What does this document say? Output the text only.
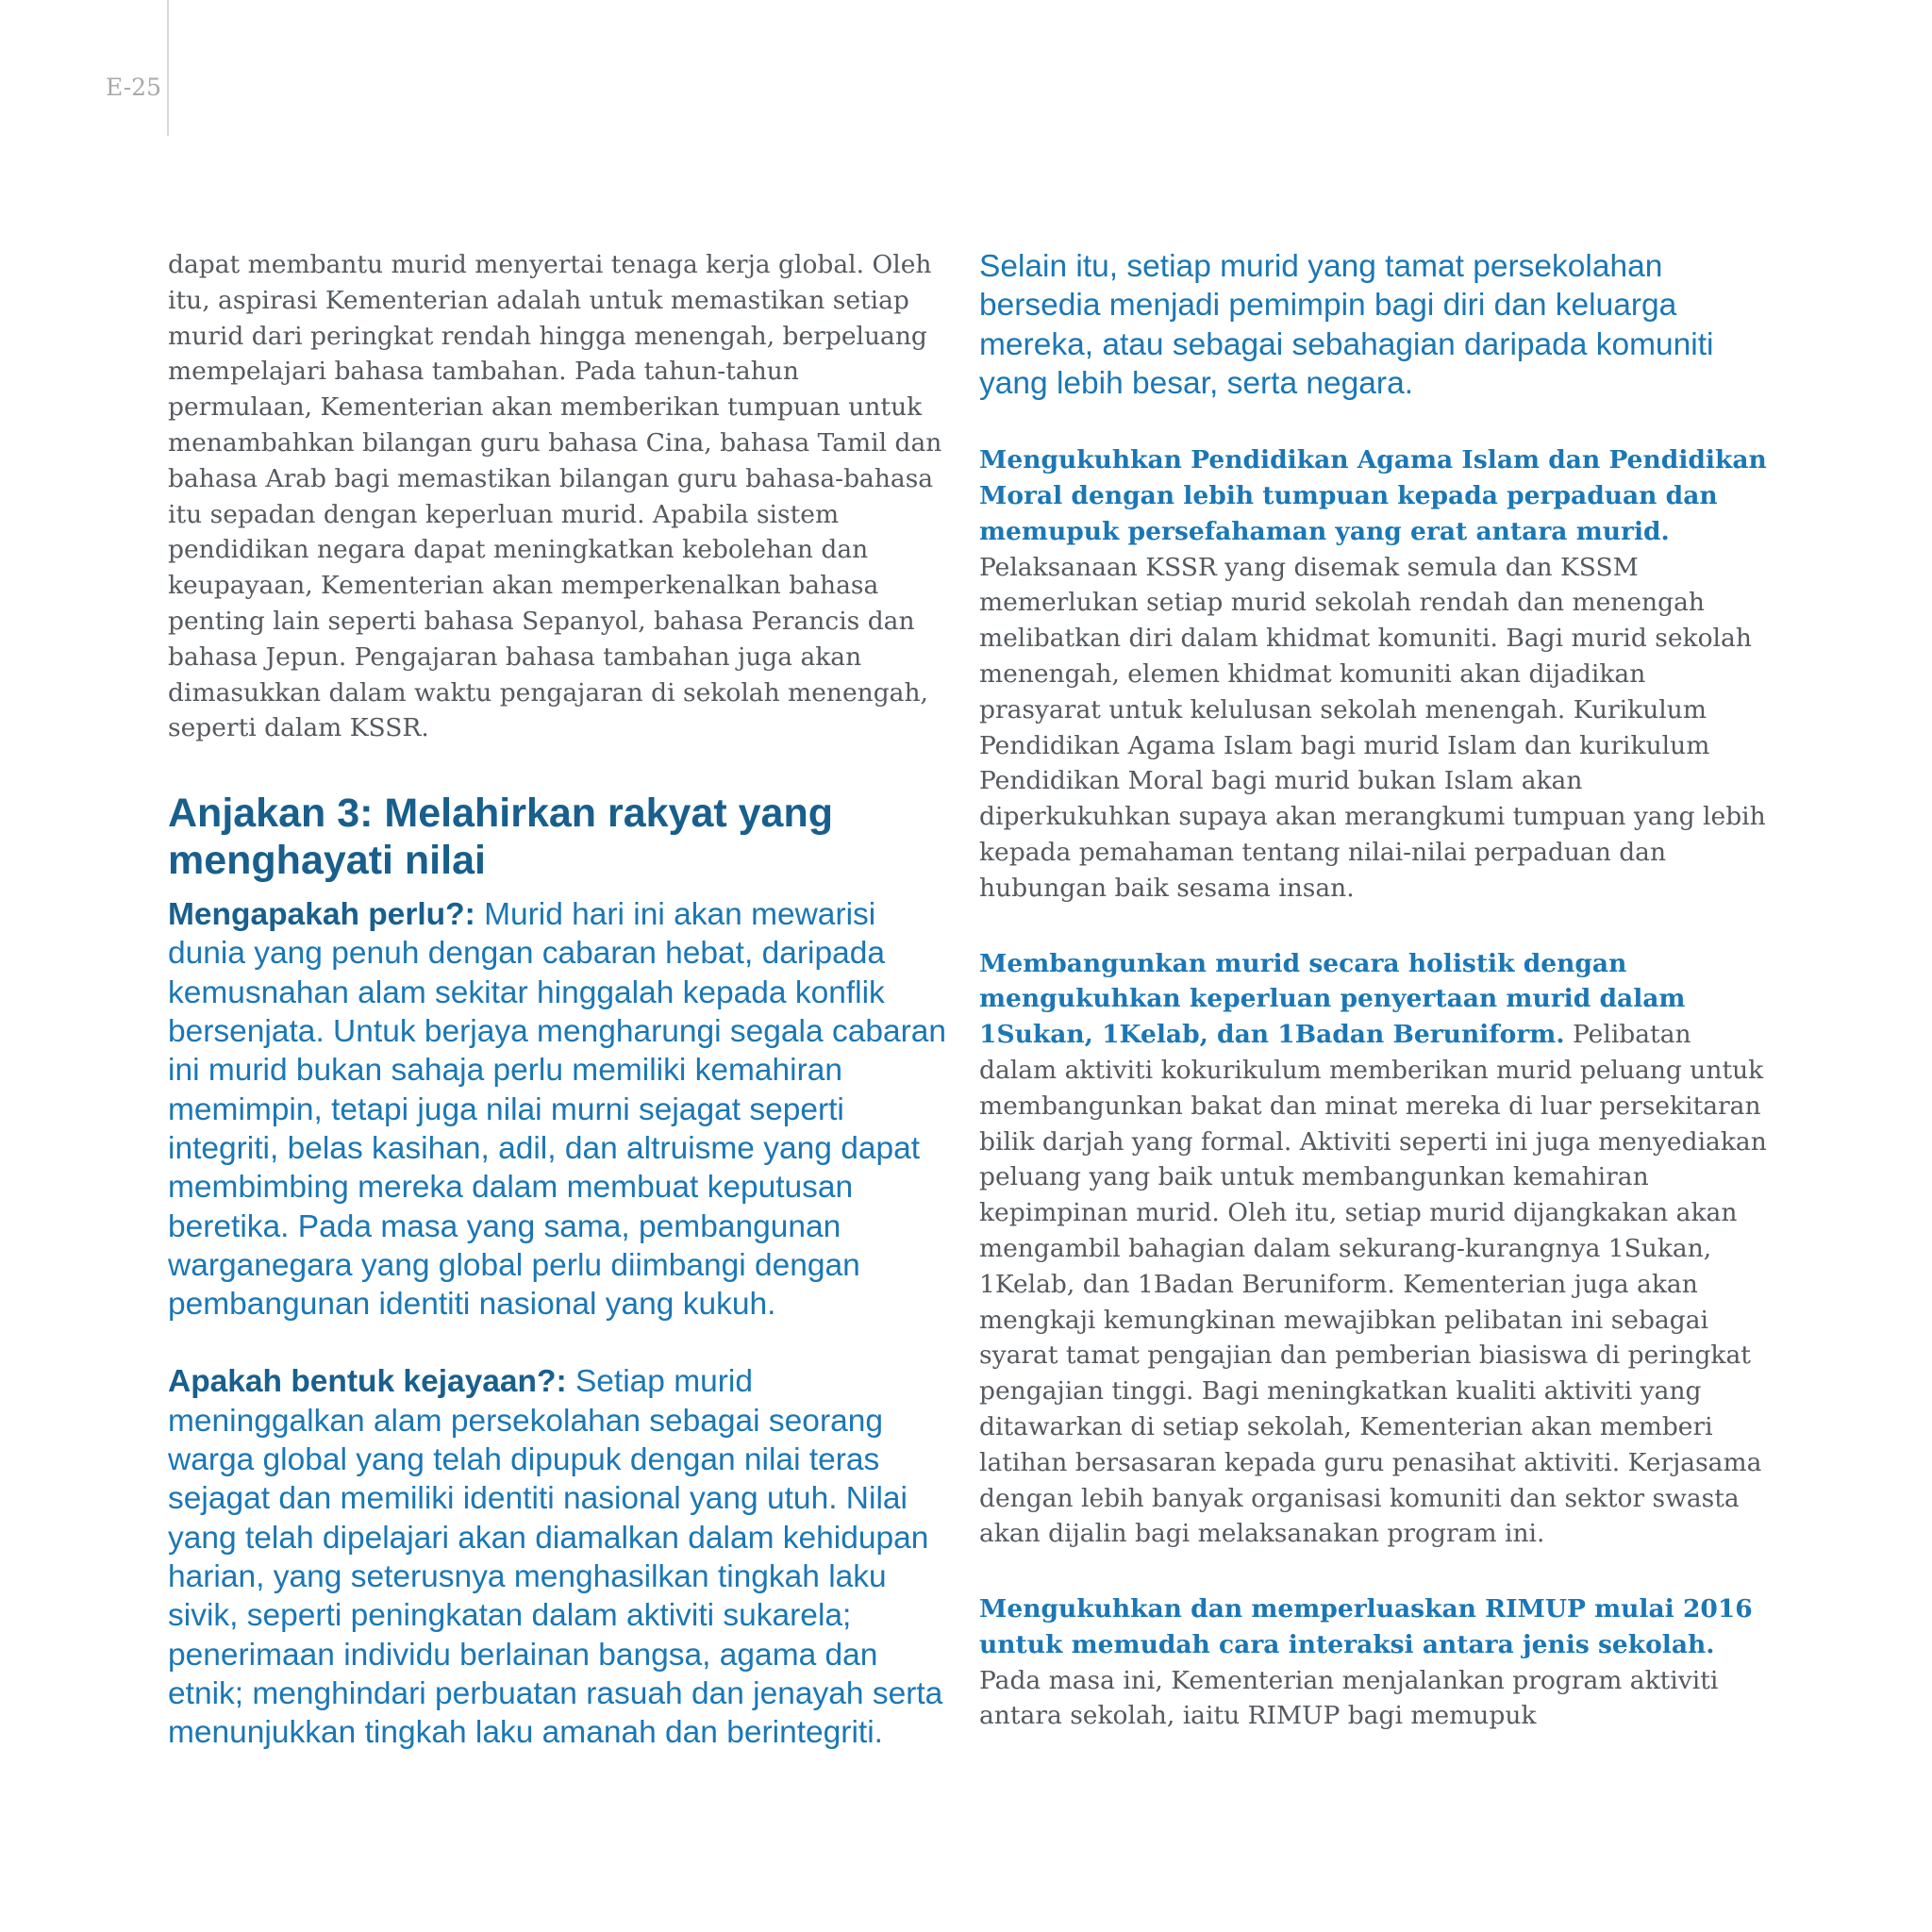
E-25

dapat membantu murid menyertai tenaga kerja global. Oleh itu, aspirasi Kementerian adalah untuk memastikan setiap murid dari peringkat rendah hingga menengah, berpeluang mempelajari bahasa tambahan. Pada tahun-tahun permulaan, Kementerian akan memberikan tumpuan untuk menambahkan bilangan guru bahasa Cina, bahasa Tamil dan bahasa Arab bagi memastikan bilangan guru bahasa-bahasa itu sepadan dengan keperluan murid. Apabila sistem pendidikan negara dapat meningkatkan kebolehan dan keupayaan, Kementerian akan memperkenalkan bahasa penting lain seperti bahasa Sepanyol, bahasa Perancis dan bahasa Jepun. Pengajaran bahasa tambahan juga akan dimasukkan dalam waktu pengajaran di sekolah menengah, seperti dalam KSSR.

Anjakan 3: Melahirkan rakyat yang menghayati nilai

Mengapakah perlu?: Murid hari ini akan mewarisi dunia yang penuh dengan cabaran hebat, daripada kemusnahan alam sekitar hinggalah kepada konflik bersenjata. Untuk berjaya mengharungi segala cabaran ini murid bukan sahaja perlu memiliki kemahiran memimpin, tetapi juga nilai murni sejagat seperti integriti, belas kasihan, adil, dan altruisme yang dapat membimbing mereka dalam membuat keputusan beretika. Pada masa yang sama, pembangunan warganegara yang global perlu diimbangi dengan pembangunan identiti nasional yang kukuh.

Apakah bentuk kejayaan?: Setiap murid meninggalkan alam persekolahan sebagai seorang warga global yang telah dipupuk dengan nilai teras sejagat dan memiliki identiti nasional yang utuh. Nilai yang telah dipelajari akan diamalkan dalam kehidupan harian, yang seterusnya menghasilkan tingkah laku sivik, seperti peningkatan dalam aktiviti sukarela; penerimaan individu berlainan bangsa, agama dan etnik; menghindari perbuatan rasuah dan jenayah serta menunjukkan tingkah laku amanah dan berintegriti.

Selain itu, setiap murid yang tamat persekolahan bersedia menjadi pemimpin bagi diri dan keluarga mereka, atau sebagai sebahagian daripada komuniti yang lebih besar, serta negara.

Mengukuhkan Pendidikan Agama Islam dan Pendidikan Moral dengan lebih tumpuan kepada perpaduan dan memupuk persefahaman yang erat antara murid. Pelaksanaan KSSR yang disemak semula dan KSSM memerlukan setiap murid sekolah rendah dan menengah melibatkan diri dalam khidmat komuniti. Bagi murid sekolah menengah, elemen khidmat komuniti akan dijadikan prasyarat untuk kelulusan sekolah menengah. Kurikulum Pendidikan Agama Islam bagi murid Islam dan kurikulum Pendidikan Moral bagi murid bukan Islam akan diperkukuhkan supaya akan merangkumi tumpuan yang lebih kepada pemahaman tentang nilai-nilai perpaduan dan hubungan baik sesama insan.

Membangunkan murid secara holistik dengan mengukuhkan keperluan penyertaan murid dalam 1Sukan, 1Kelab, dan 1Badan Beruniform. Pelibatan dalam aktiviti kokurikulum memberikan murid peluang untuk membangunkan bakat dan minat mereka di luar persekitaran bilik darjah yang formal. Aktiviti seperti ini juga menyediakan peluang yang baik untuk membangunkan kemahiran kepimpinan murid. Oleh itu, setiap murid dijangkakan akan mengambil bahagian dalam sekurang-kurangnya 1Sukan, 1Kelab, dan 1Badan Beruniform. Kementerian juga akan mengkaji kemungkinan mewajibkan pelibatan ini sebagai syarat tamat pengajian dan pemberian biasiswa di peringkat pengajian tinggi. Bagi meningkatkan kualiti aktiviti yang ditawarkan di setiap sekolah, Kementerian akan memberi latihan bersasaran kepada guru penasihat aktiviti. Kerjasama dengan lebih banyak organisasi komuniti dan sektor swasta akan dijalin bagi melaksanakan program ini.

Mengukuhkan dan memperluaskan RIMUP mulai 2016 untuk memudah cara interaksi antara jenis sekolah. Pada masa ini, Kementerian menjalankan program aktiviti antara sekolah, iaitu RIMUP bagi memupuk
